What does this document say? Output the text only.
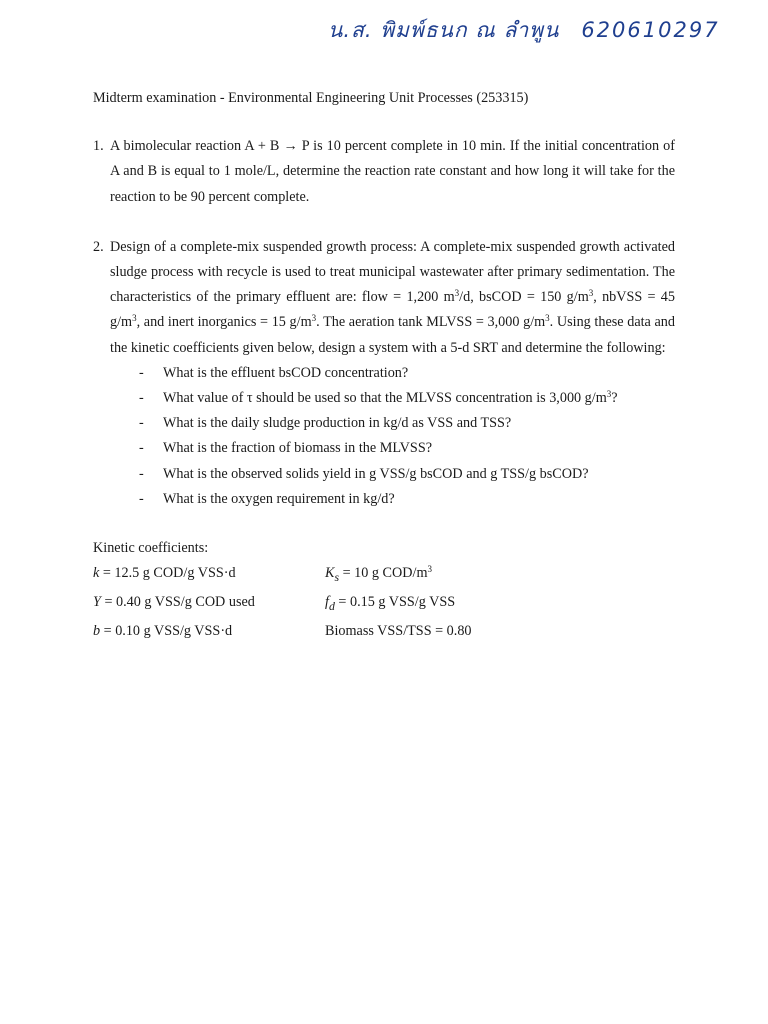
น.ส. พิมพ์ธนก ณ ลำพูน 620610297

Midterm examination - Environmental Engineering Unit Processes (253315)

1. A bimolecular reaction A + B → P is 10 percent complete in 10 min. If the initial concentration of A and B is equal to 1 mole/L, determine the reaction rate constant and how long it will take for the reaction to be 90 percent complete.
2. Design of a complete-mix suspended growth process: A complete-mix suspended growth activated sludge process with recycle is used to treat municipal wastewater after primary sedimentation. The characteristics of the primary effluent are: flow = 1,200 $m^3/d$, bsCOD = 150 $g/m^3$, nbVSS = 45 $g/m^3$, and inert inorganics = 15 $g/m^3$. The aeration tank MLVSS = 3,000 $g/m^3$. Using these data and the kinetic coefficients given below, design a system with a 5-d SRT and determine the following:
- What is the effluent bsCOD concentration?
- What value of τ should be used so that the MLVSS concentration is 3,000 $g/m^3$?
- What is the daily sludge production in kg/d as VSS and TSS?
- What is the fraction of biomass in the MLVSS?
- What is the observed solids yield in g VSS/g bsCOD and g TSS/g bsCOD?
- What is the oxygen requirement in kg/d?
Kinetic coefficients:
k = 12.5 g COD/g VSS·d	$K_s = 10$ g COD/$m^3$
Y = 0.40 g VSS/g COD used	$f_d = 0.15$ g VSS/g VSS
b = 0.10 g VSS/g VSS·d	Biomass VSS/TSS = 0.80
